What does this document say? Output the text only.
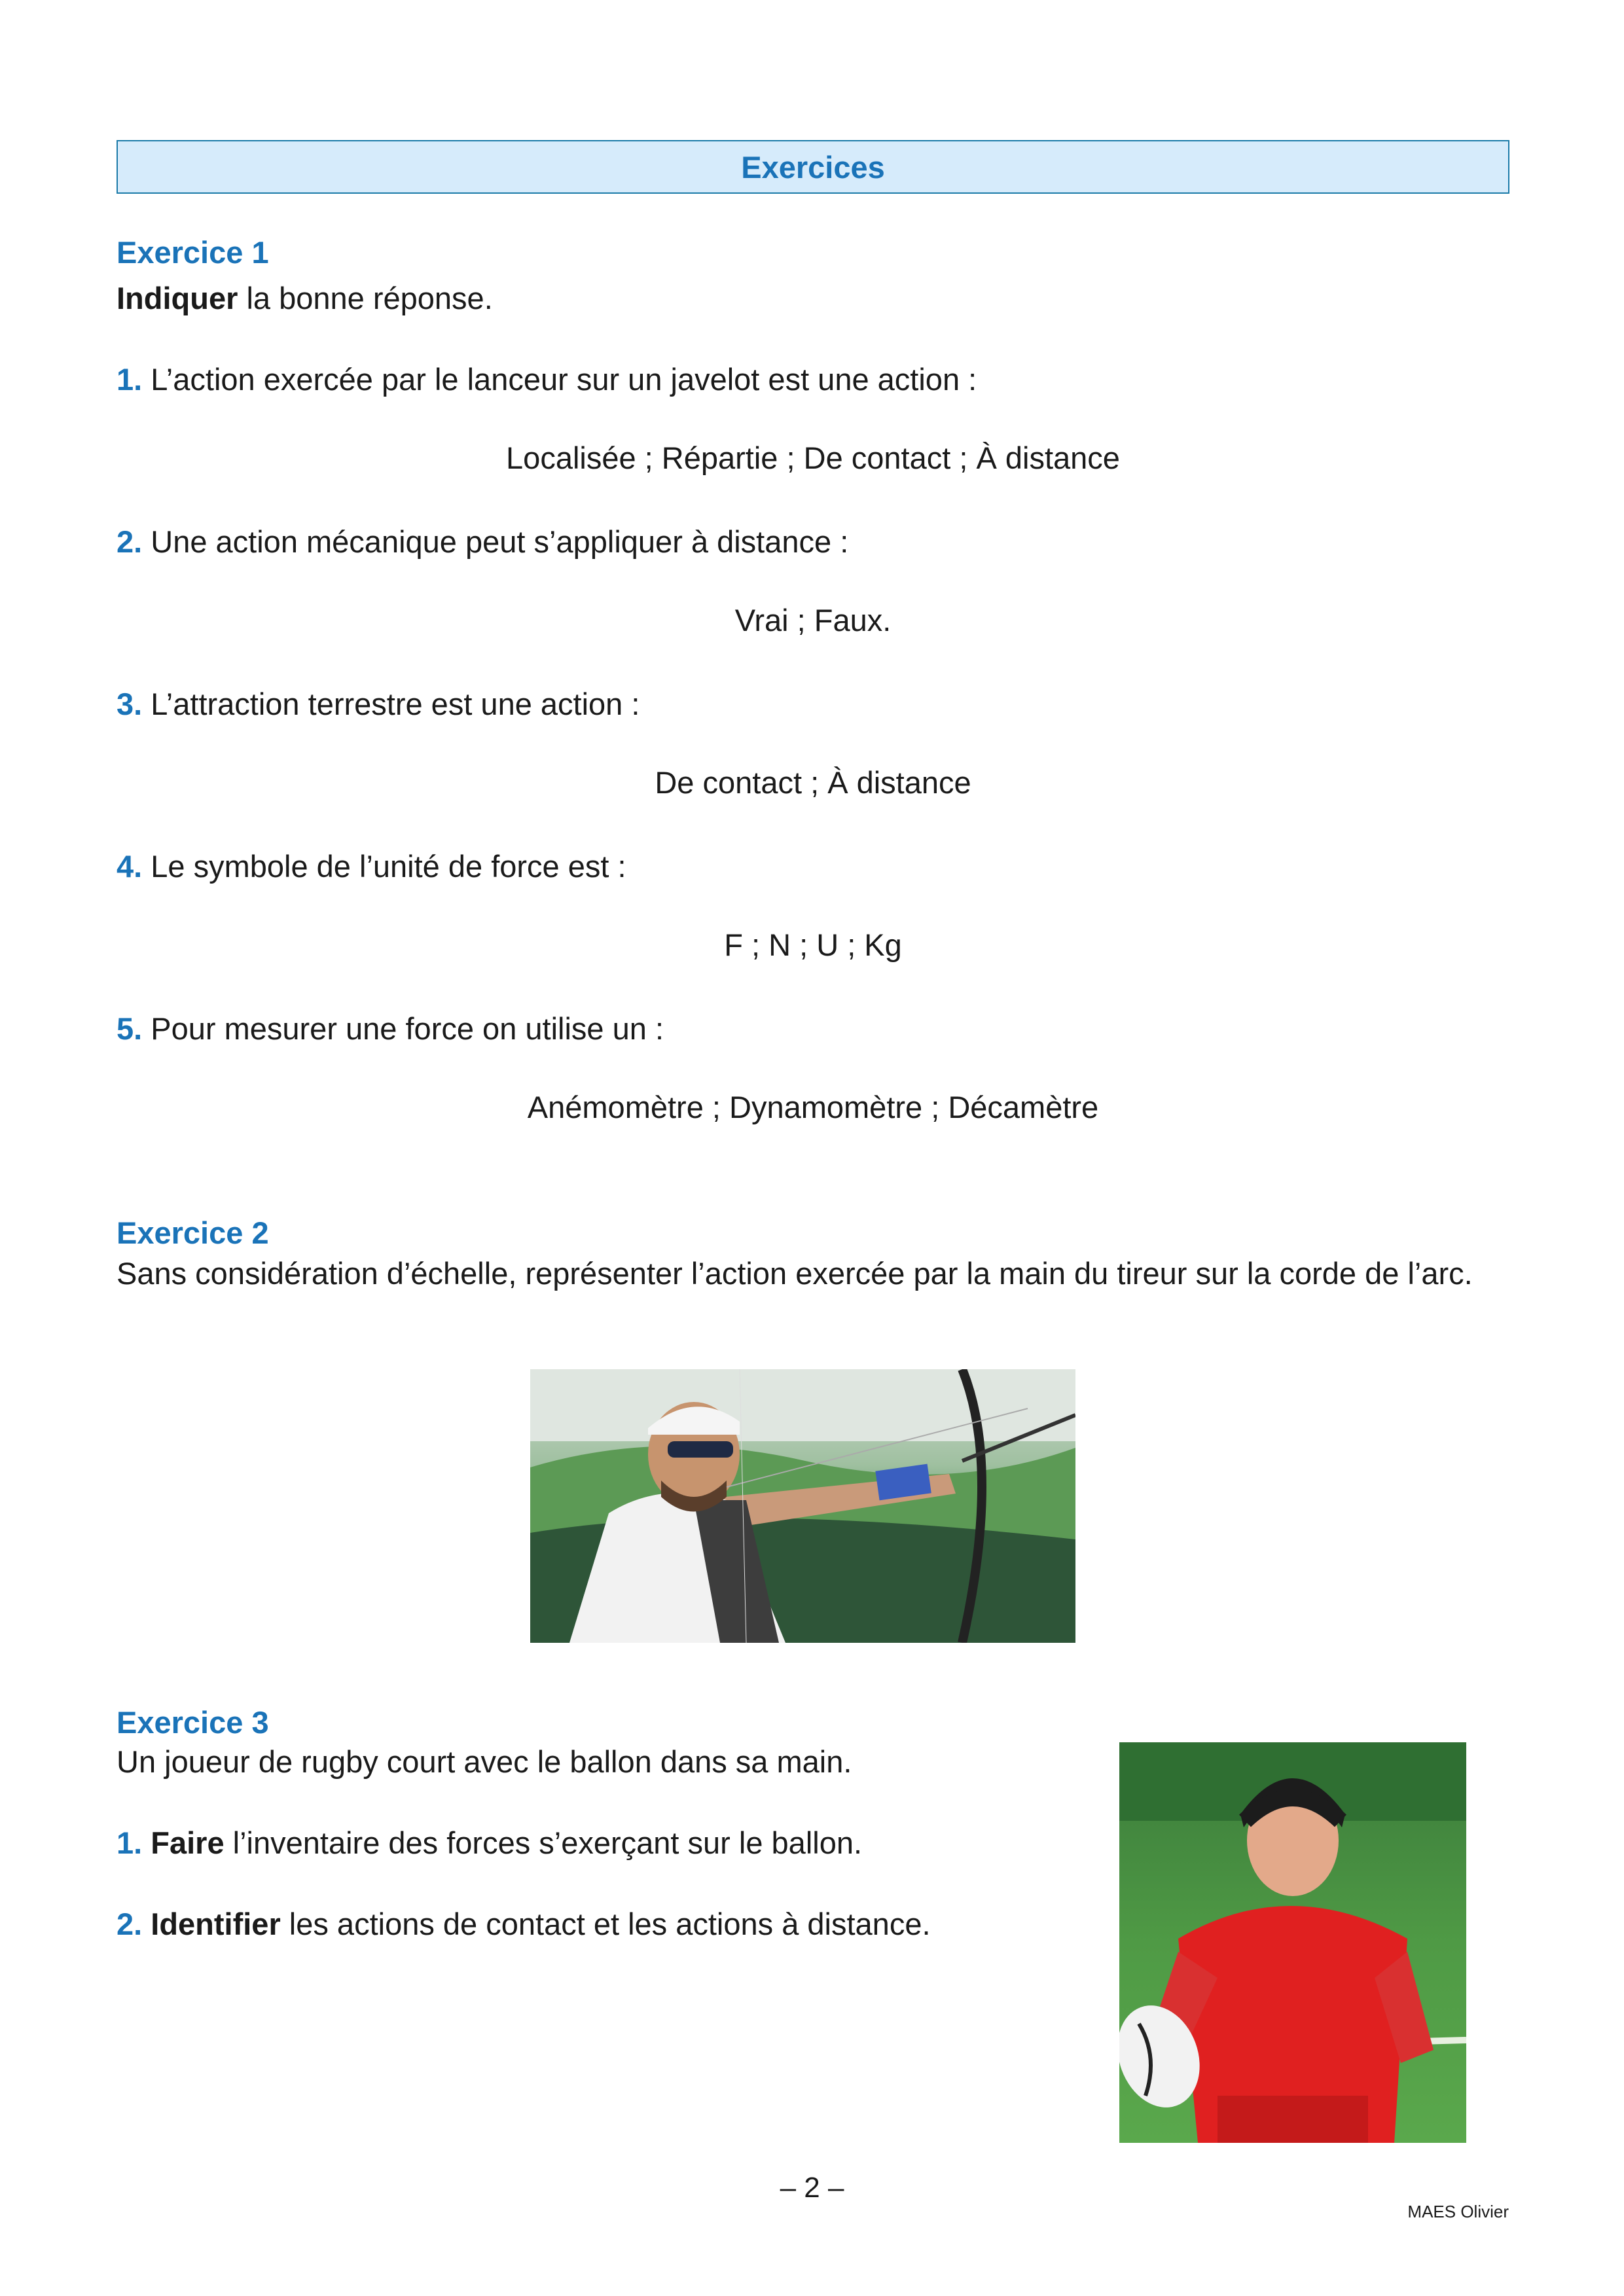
Exercices
Exercice 1
Indiquer la bonne réponse.
1. L’action exercée par le lanceur sur un javelot est une action :
Localisée ; Répartie ; De contact ; À distance
2. Une action mécanique peut s’appliquer à distance :
Vrai ; Faux.
3. L’attraction terrestre est une action :
De contact ; À distance
4. Le symbole de l’unité de force est :
F ; N ; U ; Kg
5. Pour mesurer une force on utilise un :
Anémomètre ; Dynamomètre ; Décamètre
Exercice 2
Sans considération d’échelle, représenter l’action exercée par la main du tireur sur la corde de l’arc.
Exercice 3
Un joueur de rugby court avec le ballon dans sa main.
1. Faire l’inventaire des forces s’exerçant sur le ballon.
2. Identifier les actions de contact et les actions à distance.
– 2 –
MAES Olivier
